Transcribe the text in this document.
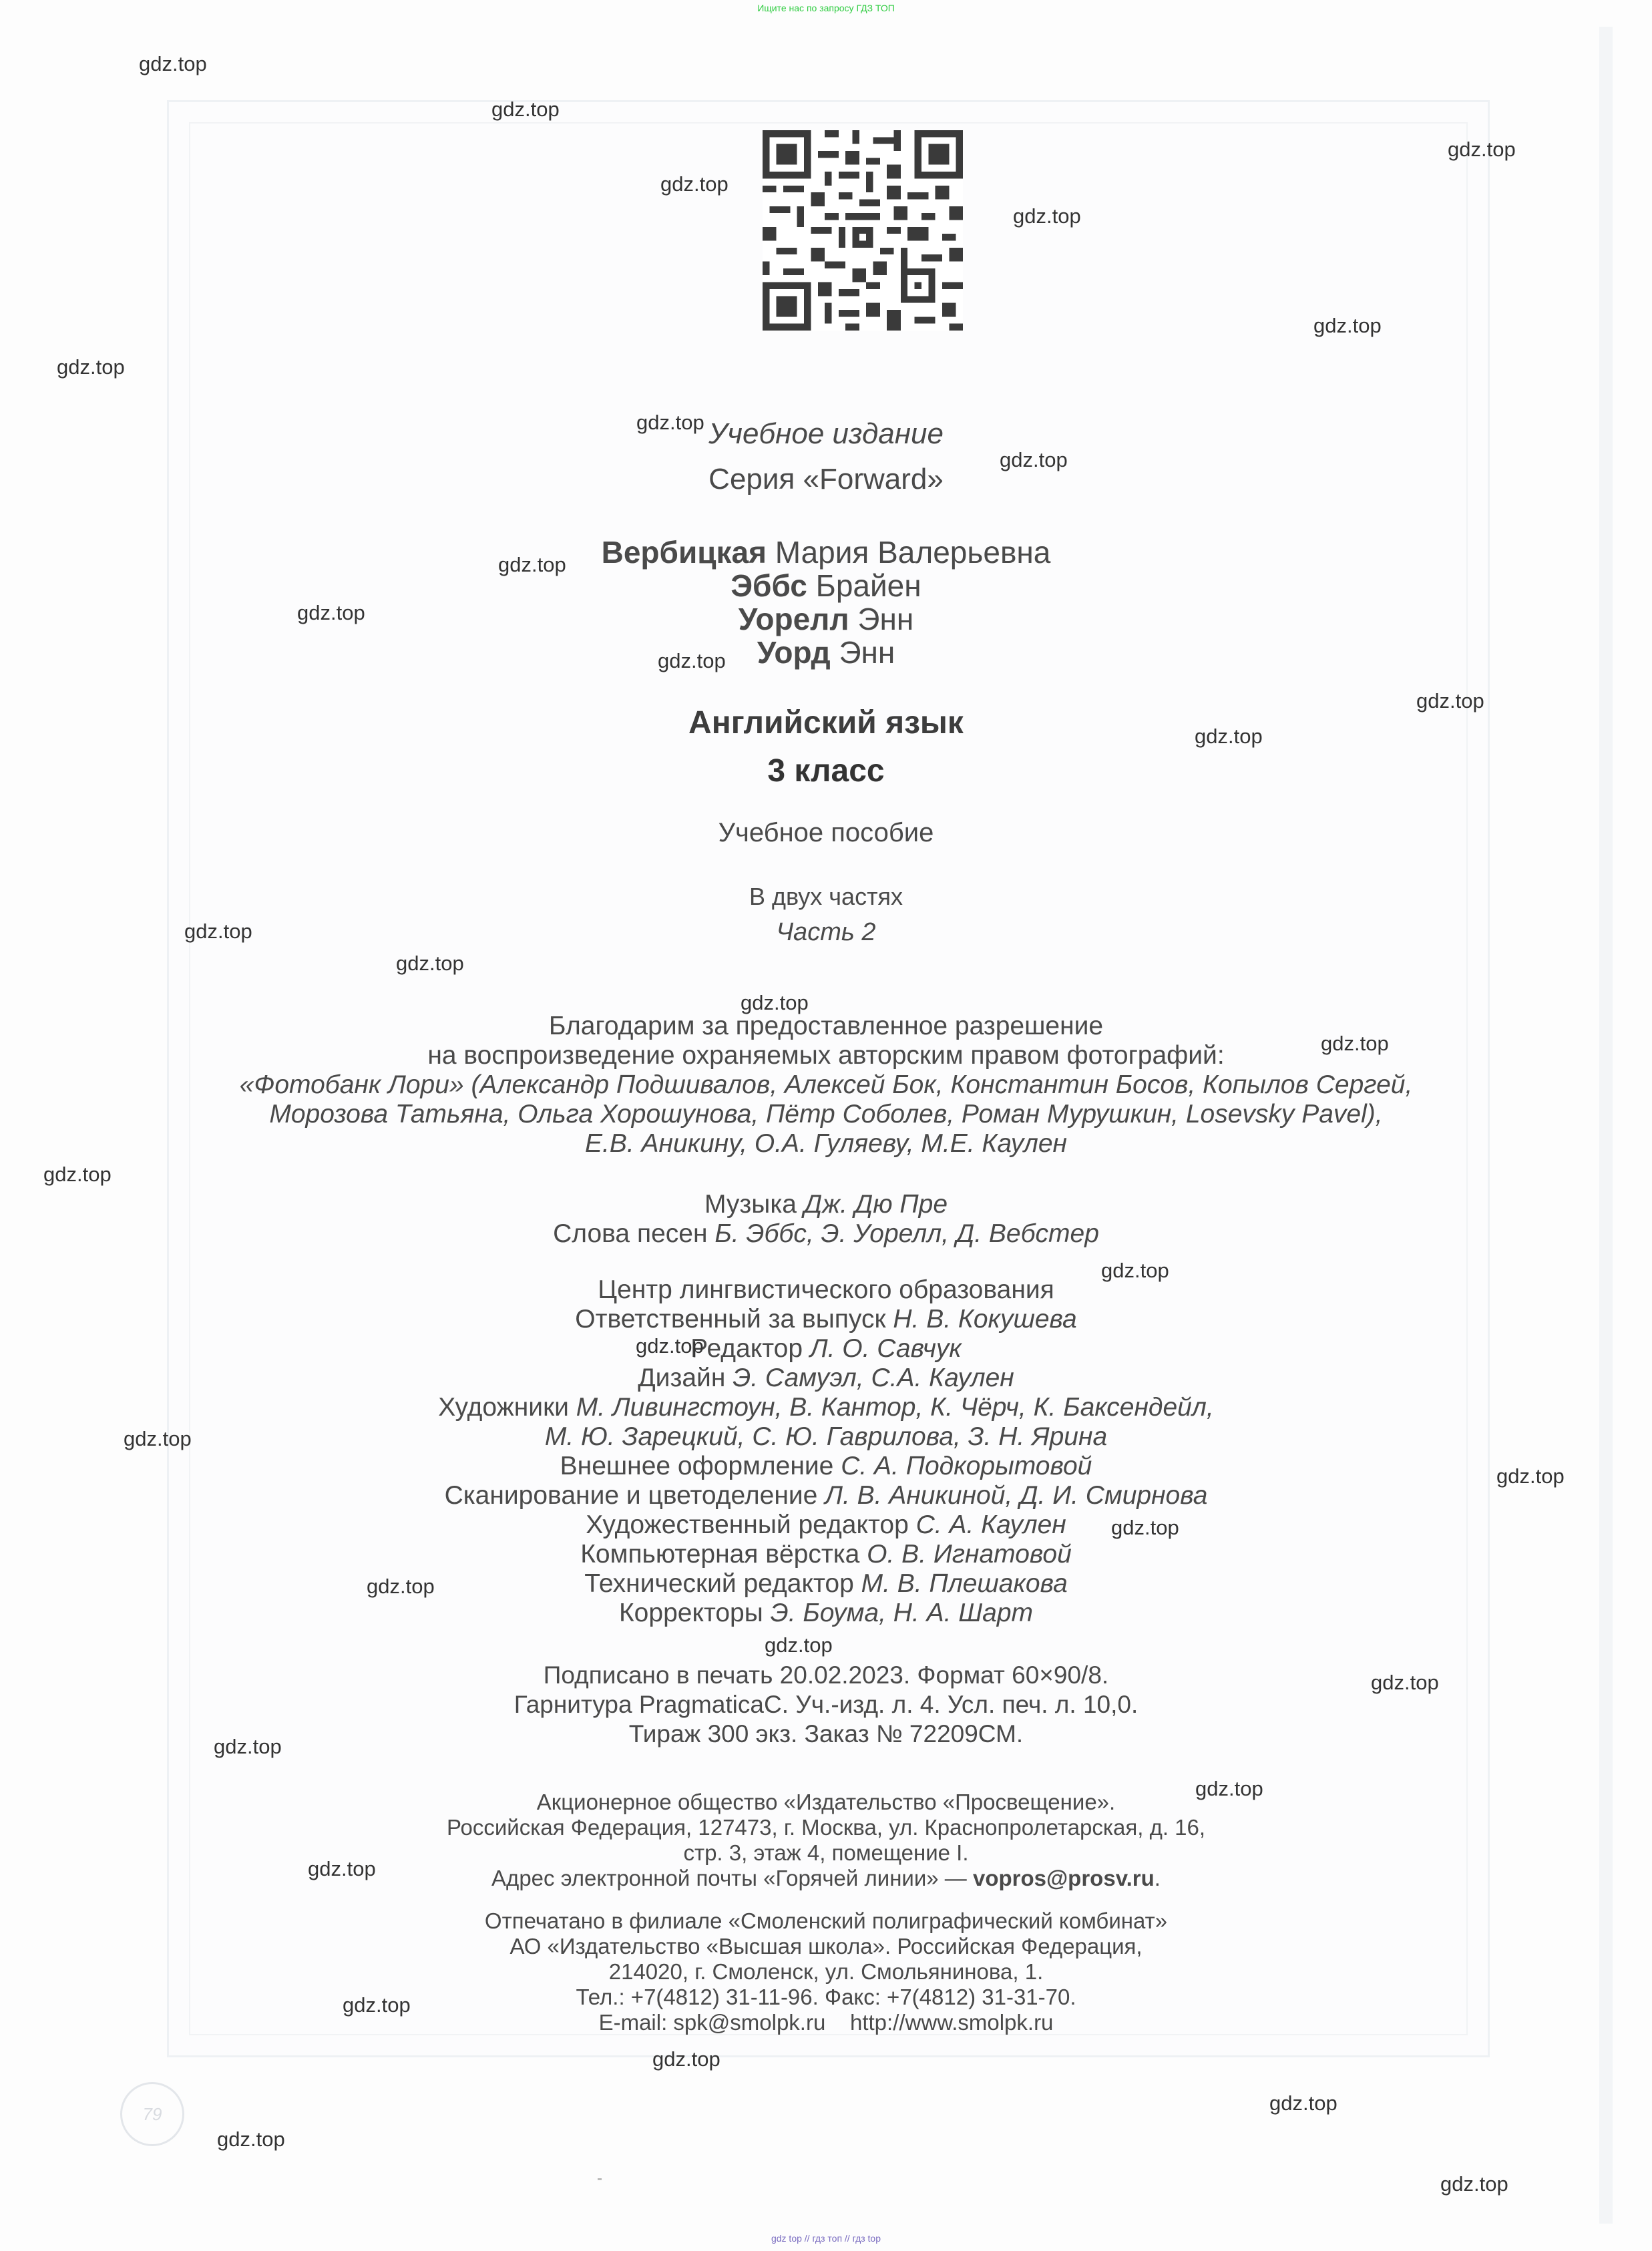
Ищите нас по запросу ГДЗ ТОП
Учебное издание
Серия «Forward»
Вербицкая Мария Валерьевна
Эббс Брайен
Уорелл Энн
Уорд Энн
Английский язык
3 класс
Учебное пособие
В двух частях
Часть 2
Благодарим за предоставленное разрешение
на воспроизведение охраняемых авторским правом фотографий:
«Фотобанк Лори» (Александр Подшивалов, Алексей Бок, Константин Босов, Копылов Сергей,
Морозова Татьяна, Ольга Хорошунова, Пётр Соболев, Роман Мурушкин, Losevsky Pavel),
Е.В. Аникину, О.А. Гуляеву, М.Е. Каулен
Музыка Дж. Дю Пре
Слова песен Б. Эббс, Э. Уорелл, Д. Вебстер
Центр лингвистического образования
Ответственный за выпуск Н. В. Кокушева
Редактор Л. О. Савчук
Дизайн Э. Самуэл, С.А. Каулен
Художники М. Ливингстоун, В. Кантор, К. Чёрч, К. Баксендейл,
М. Ю. Зарецкий, С. Ю. Гаврилова, З. Н. Ярина
Внешнее оформление С. А. Подкорытовой
Сканирование и цветоделение Л. В. Аникиной, Д. И. Смирнова
Художественный редактор С. А. Каулен
Компьютерная вёрстка О. В. Игнатовой
Технический редактор М. В. Плешакова
Корректоры Э. Боума, Н. А. Шарт
Подписано в печать 20.02.2023. Формат 60×90/8.
Гарнитура PragmaticaC. Уч.-изд. л. 4. Усл. печ. л. 10,0.
Тираж 300 экз. Заказ № 72209СМ.
Акционерное общество «Издательство «Просвещение».
Российская Федерация, 127473, г. Москва, ул. Краснопролетарская, д. 16,
стр. 3, этаж 4, помещение I.
Адрес электронной почты «Горячей линии» — vopros@prosv.ru.
Отпечатано в филиале «Смоленский полиграфический комбинат»
АО «Издательство «Высшая школа». Российская Федерация,
214020, г. Смоленск, ул. Смольянинова, 1.
Тел.: +7(4812) 31-11-96. Факс: +7(4812) 31-31-70.
E-mail: spk@smolpk.ru    http://www.smolpk.ru
79
gdz.top
gdz.top
gdz.top
gdz.top
gdz.top
gdz.top
gdz.top
gdz.top
gdz.top
gdz.top
gdz.top
gdz.top
gdz.top
gdz.top
gdz.top
gdz.top
gdz.top
gdz.top
gdz.top
gdz.top
gdz.top
gdz.top
gdz.top
gdz.top
gdz.top
gdz.top
gdz.top
gdz.top
gdz.top
gdz.top
gdz.top
gdz.top
gdz.top
gdz.top
gdz.top
gdz top // гдз топ // гдз top
